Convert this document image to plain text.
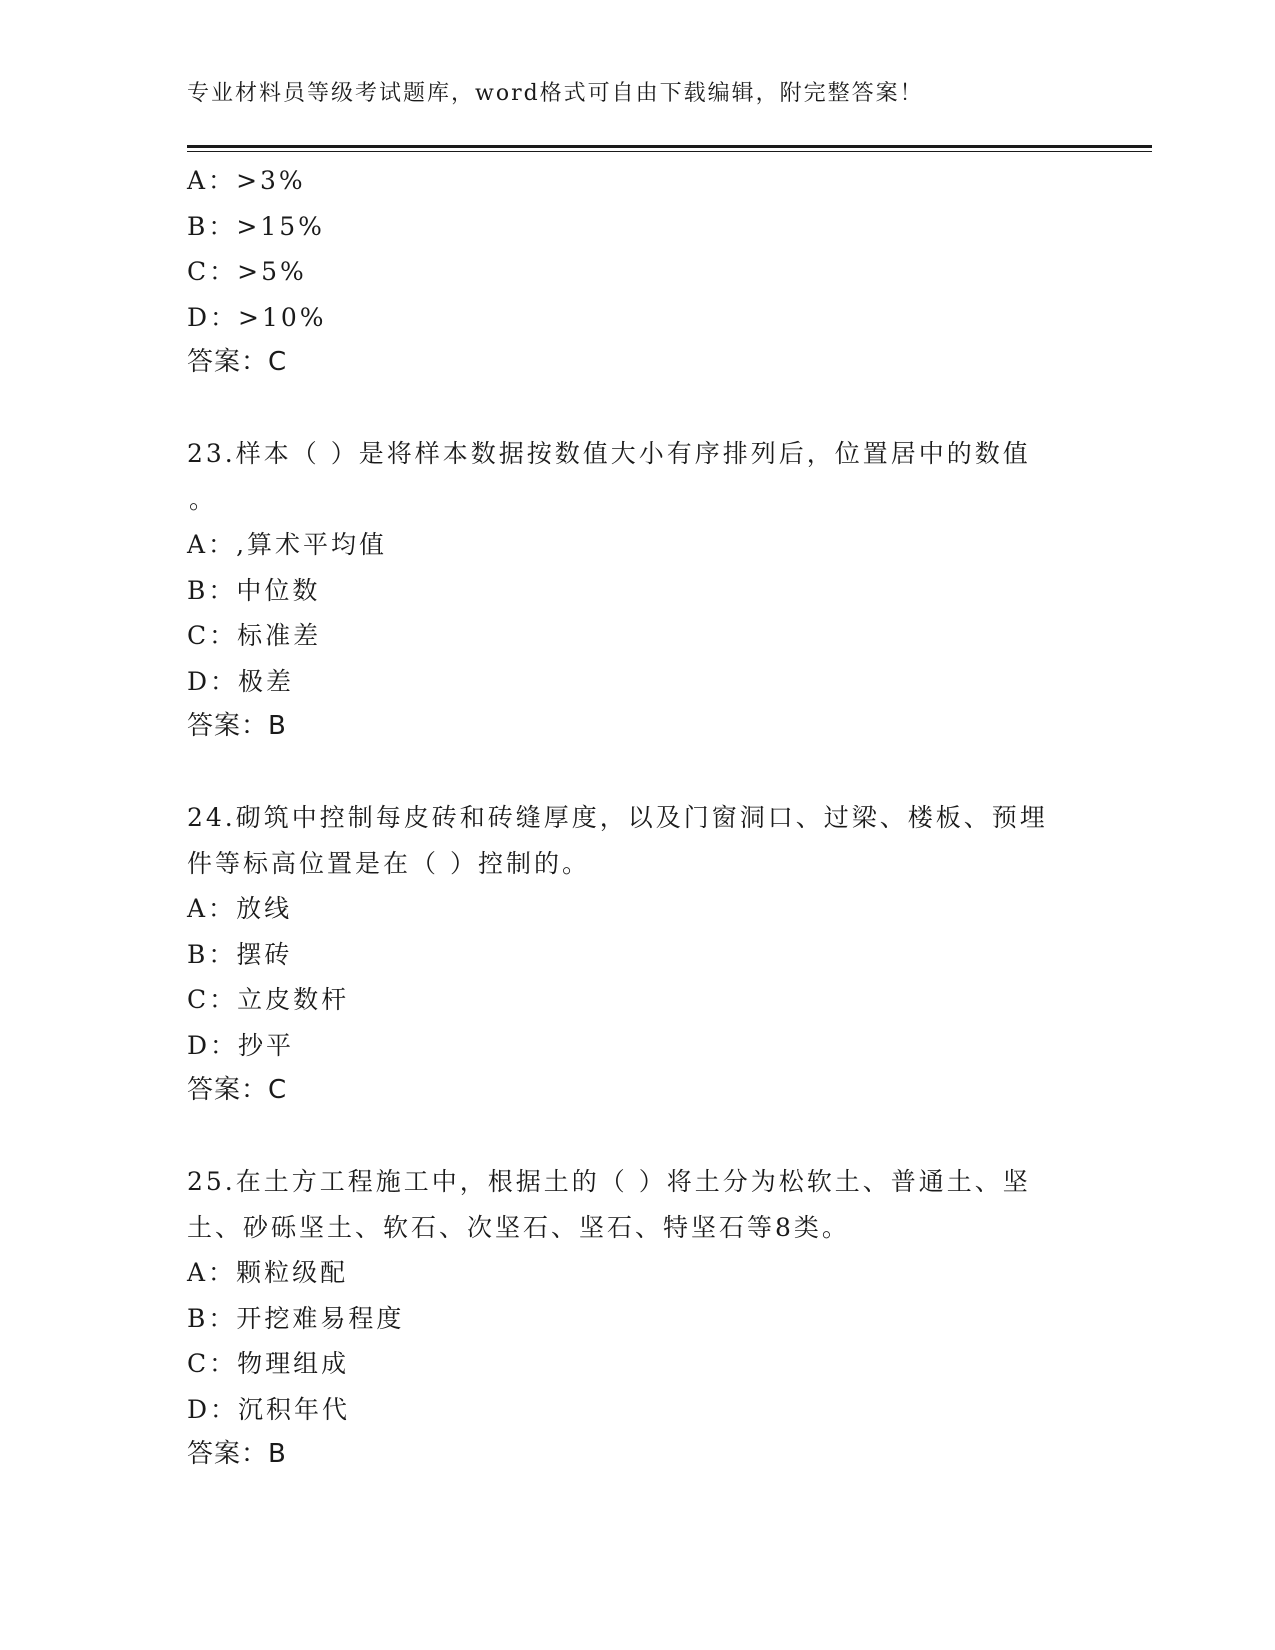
专业材料员等级考试题库，word格式可自由下载编辑，附完整答案！
A：>3%
B：>15%
C：>5%
D：>10%
答案：C
23.样本（ ）是将样本数据按数值大小有序排列后，位置居中的数值
。
A：,算术平均值
B：中位数
C：标准差
D：极差
答案：B
24.砌筑中控制每皮砖和砖缝厚度，以及门窗洞口、过梁、楼板、预埋
件等标高位置是在（ ）控制的。
A：放线
B：摆砖
C：立皮数杆
D：抄平
答案：C
25.在土方工程施工中，根据土的（ ）将土分为松软土、普通土、坚
土、砂砾坚土、软石、次坚石、坚石、特坚石等8类。
A：颗粒级配
B：开挖难易程度
C：物理组成
D：沉积年代
答案：B
